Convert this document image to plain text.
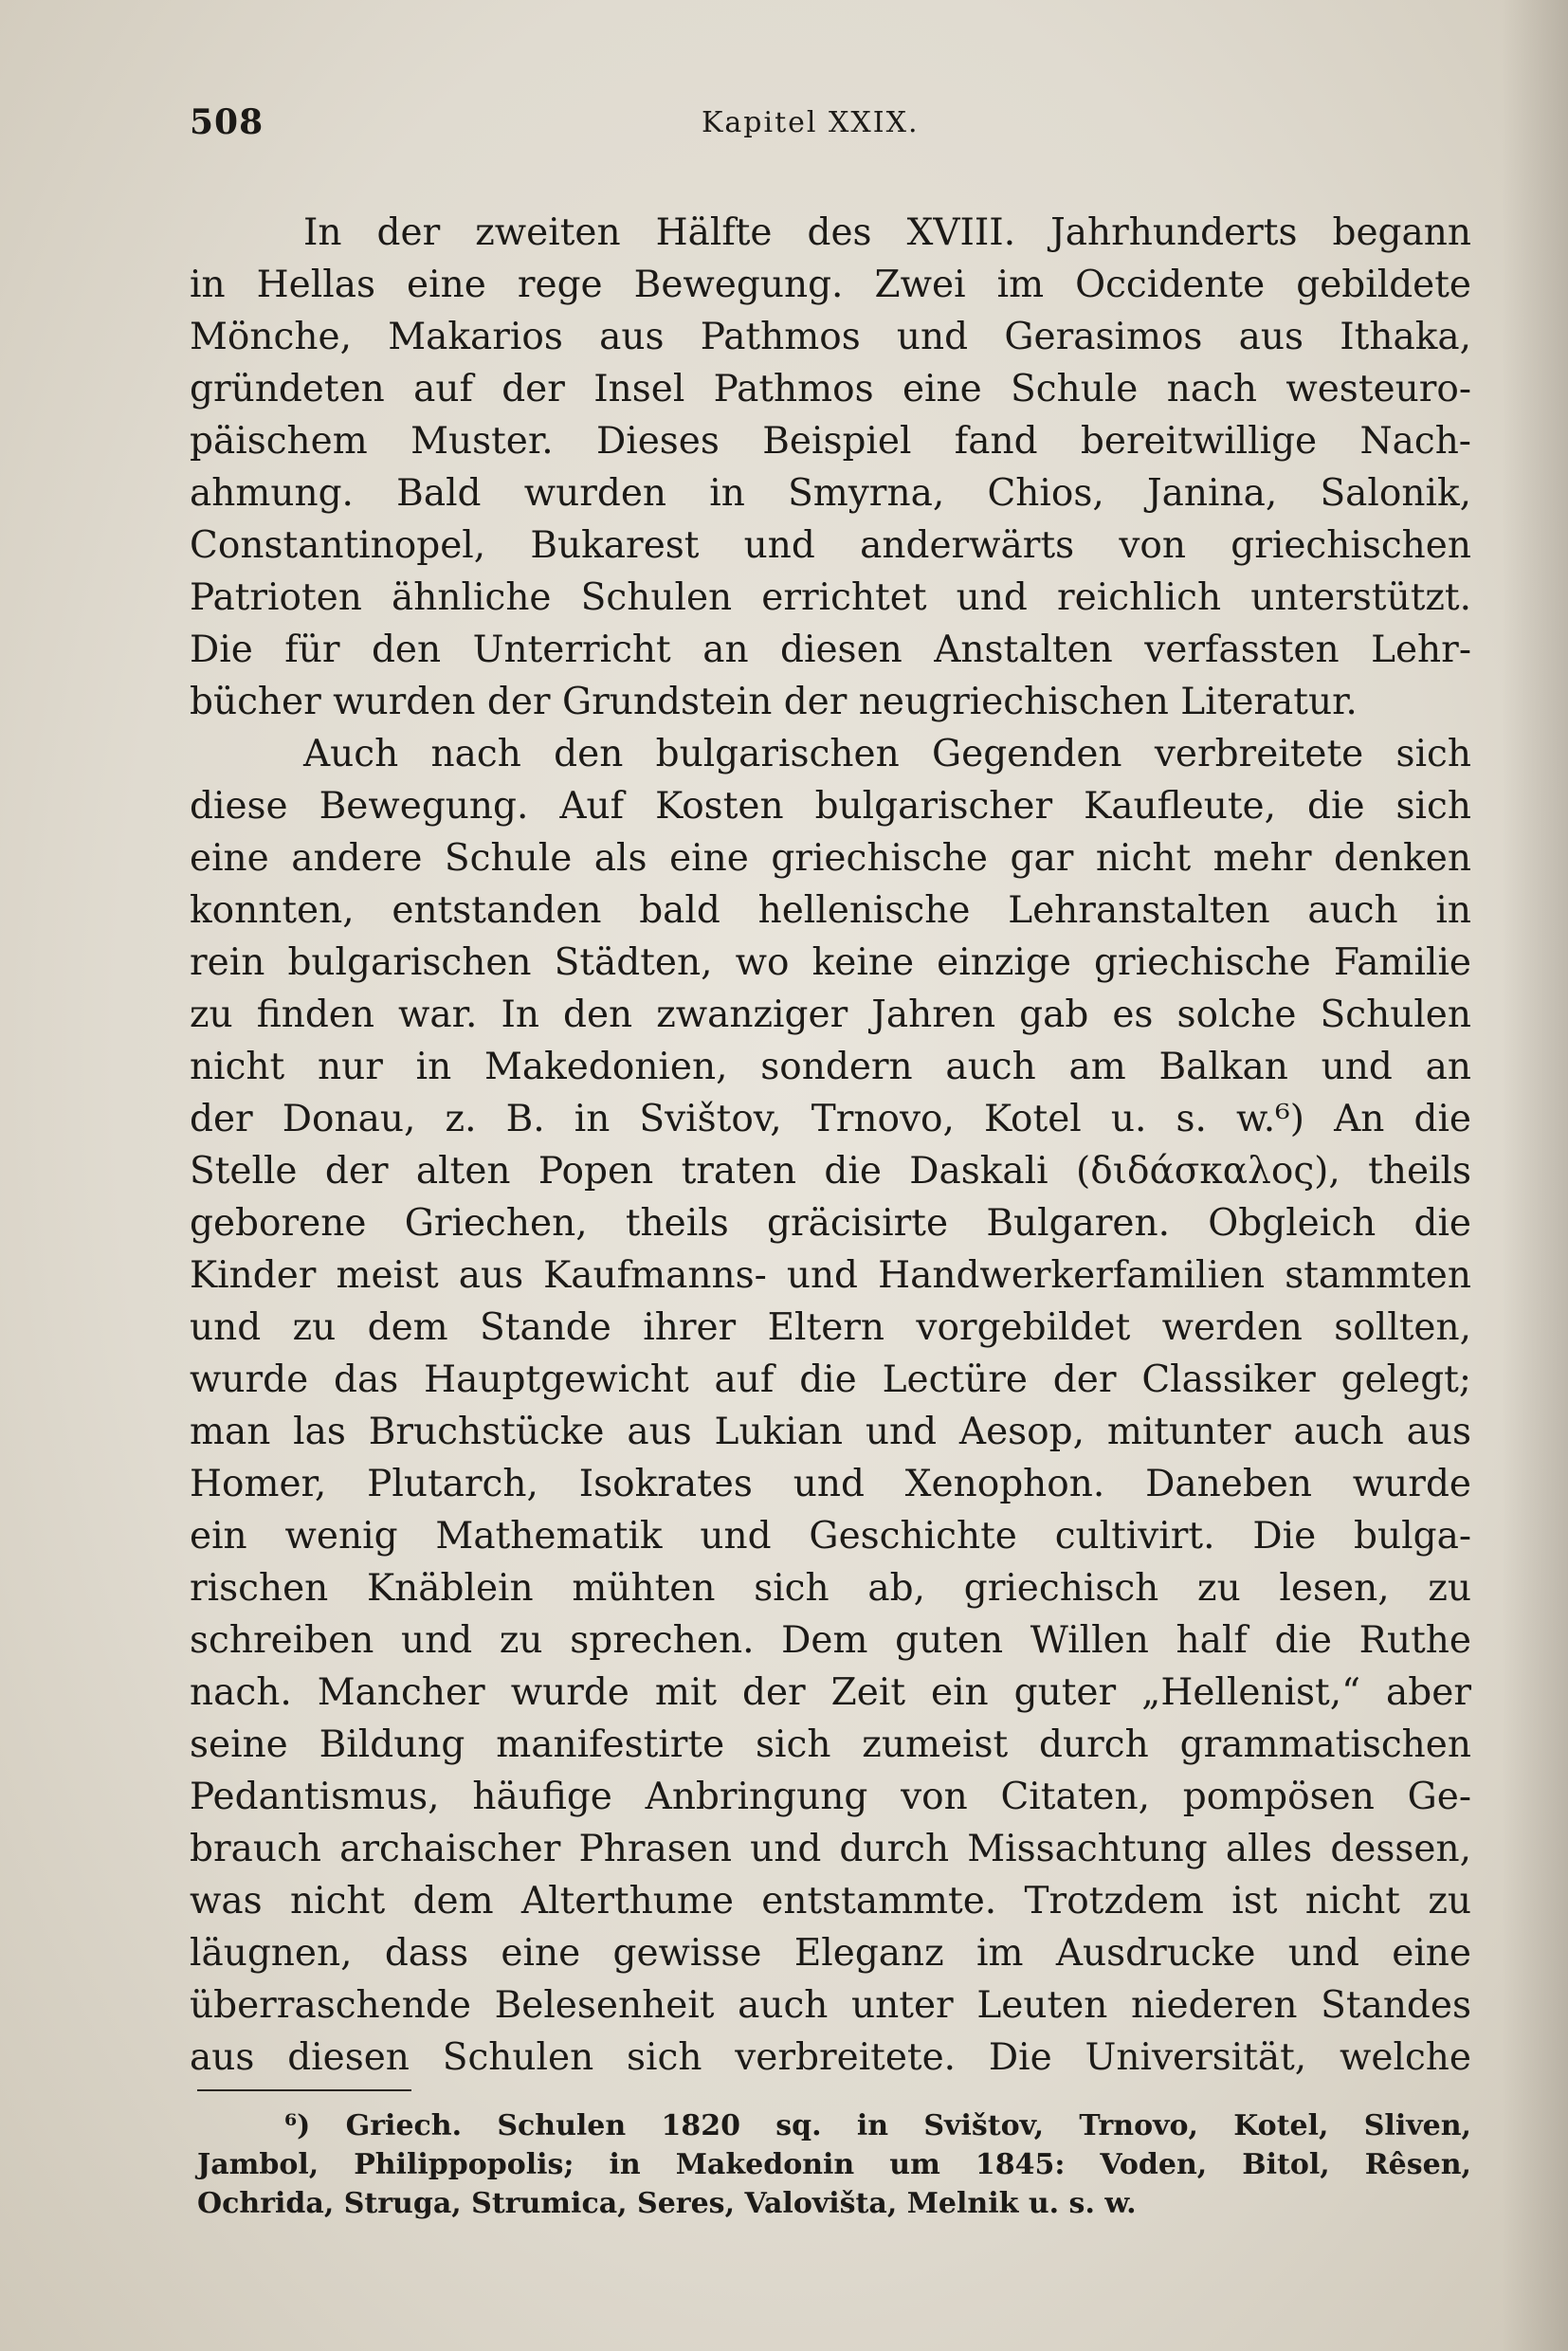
508	Kapitel XXIX.
In der zweiten Hälfte des XVIII. Jahrhunderts begann
in Hellas eine rege Bewegung. Zwei im Occidente gebildete
Mönche, Makarios aus Pathmos und Gerasimos aus Ithaka,
gründeten auf der Insel Pathmos eine Schule nach westeuro-
päischem Muster. Dieses Beispiel fand bereitwillige Nach-
ahmung. Bald wurden in Smyrna, Chios, Janina, Salonik,
Constantinopel, Bukarest und anderwärts von griechischen
Patrioten ähnliche Schulen errichtet und reichlich unterstützt.
Die für den Unterricht an diesen Anstalten verfassten Lehr-
bücher wurden der Grundstein der neugriechischen Literatur.
Auch nach den bulgarischen Gegenden verbreitete sich
diese Bewegung. Auf Kosten bulgarischer Kaufleute, die sich
eine andere Schule als eine griechische gar nicht mehr denken
konnten, entstanden bald hellenische Lehranstalten auch in
rein bulgarischen Städten, wo keine einzige griechische Familie
zu finden war. In den zwanziger Jahren gab es solche Schulen
nicht nur in Makedonien, sondern auch am Balkan und an
der Donau, z. B. in Svištov, Trnovo, Kotel u. s. w.⁶) An die
Stelle der alten Popen traten die Daskali (διδάσκαλος), theils
geborene Griechen, theils gräcisirte Bulgaren. Obgleich die
Kinder meist aus Kaufmanns- und Handwerkerfamilien stammten
und zu dem Stande ihrer Eltern vorgebildet werden sollten,
wurde das Hauptgewicht auf die Lectüre der Classiker gelegt;
man las Bruchstücke aus Lukian und Aesop, mitunter auch aus
Homer, Plutarch, Isokrates und Xenophon. Daneben wurde
ein wenig Mathematik und Geschichte cultivirt. Die bulga-
rischen Knäblein mühten sich ab, griechisch zu lesen, zu
schreiben und zu sprechen. Dem guten Willen half die Ruthe
nach. Mancher wurde mit der Zeit ein guter „Hellenist,“ aber
seine Bildung manifestirte sich zumeist durch grammatischen
Pedantismus, häufige Anbringung von Citaten, pompösen Ge-
brauch archaischer Phrasen und durch Missachtung alles dessen,
was nicht dem Alterthume entstammte. Trotzdem ist nicht zu
läugnen, dass eine gewisse Eleganz im Ausdrucke und eine
überraschende Belesenheit auch unter Leuten niederen Standes
aus diesen Schulen sich verbreitete. Die Universität, welche
⁶) Griech. Schulen 1820 sq. in Svištov, Trnovo, Kotel, Sliven,
Jambol, Philippopolis; in Makedonin um 1845: Voden, Bitol, Rêsen,
Ochrida, Struga, Strumica, Seres, Valovišta, Melnik u. s. w.
